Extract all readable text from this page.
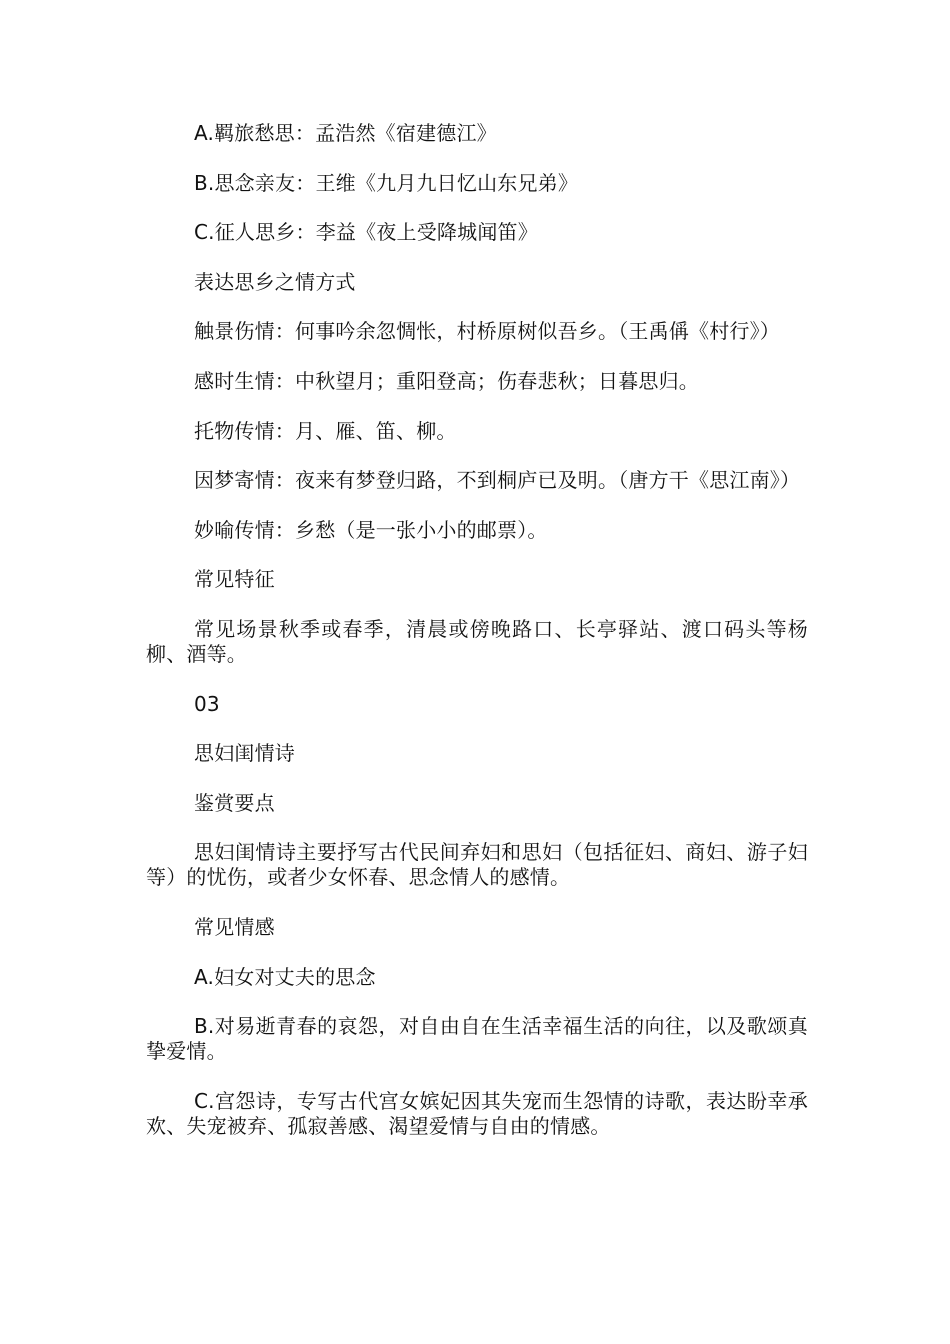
A.羁旅愁思：孟浩然《宿建德江》

B.思念亲友：王维《九月九日忆山东兄弟》

C.征人思乡：李益《夜上受降城闻笛》

表达思乡之情方式

触景伤情：何事吟余忽惆怅，村桥原树似吾乡。（王禹偁《村行》）

感时生情：中秋望月；重阳登高；伤春悲秋；日暮思归。

托物传情：月、雁、笛、柳。

因梦寄情：夜来有梦登归路，不到桐庐已及明。（唐方干《思江南》）

妙喻传情：乡愁（是一张小小的邮票）。

常见特征

常见场景秋季或春季，清晨或傍晚路口、长亭驿站、渡口码头等杨柳、酒等。

03

思妇闺情诗

鉴赏要点

思妇闺情诗主要抒写古代民间弃妇和思妇（包括征妇、商妇、游子妇等）的忧伤，或者少女怀春、思念情人的感情。

常见情感

A.妇女对丈夫的思念

B.对易逝青春的哀怨，对自由自在生活幸福生活的向往，以及歌颂真挚爱情。

C.宫怨诗，专写古代宫女嫔妃因其失宠而生怨情的诗歌，表达盼幸承欢、失宠被弃、孤寂善感、渴望爱情与自由的情感。
